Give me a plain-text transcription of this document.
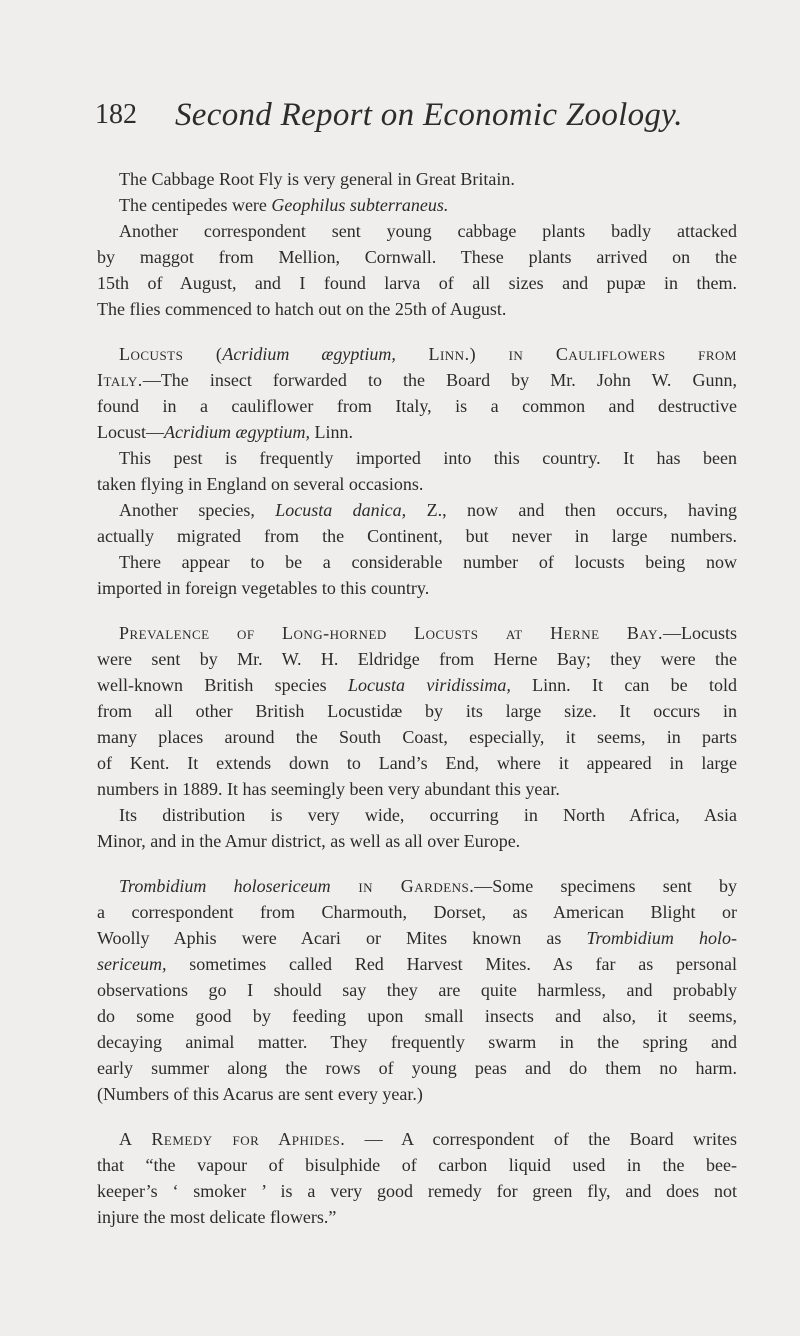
182 Second Report on Economic Zoology.
The Cabbage Root Fly is very general in Great Britain.
The centipedes were Geophilus subterraneus.
Another correspondent sent young cabbage plants badly attacked
by maggot from Mellion, Cornwall. These plants arrived on the
15th of August, and I found larva of all sizes and pupæ in them.
The flies commenced to hatch out on the 25th of August.
Locusts (Acridium ægyptium, Linn.) in Cauliflowers from
Italy.—The insect forwarded to the Board by Mr. John W. Gunn,
found in a cauliflower from Italy, is a common and destructive
Locust—Acridium ægyptium, Linn.
This pest is frequently imported into this country. It has been
taken flying in England on several occasions.
Another species, Locusta danica, Z., now and then occurs, having
actually migrated from the Continent, but never in large numbers.
There appear to be a considerable number of locusts being now
imported in foreign vegetables to this country.
Prevalence of Long-horned Locusts at Herne Bay.—Locusts
were sent by Mr. W. H. Eldridge from Herne Bay; they were the
well-known British species Locusta viridissima, Linn. It can be told
from all other British Locustidæ by its large size. It occurs in
many places around the South Coast, especially, it seems, in parts
of Kent. It extends down to Land’s End, where it appeared in large
numbers in 1889. It has seemingly been very abundant this year.
Its distribution is very wide, occurring in North Africa, Asia
Minor, and in the Amur district, as well as all over Europe.
Trombidium holosericeum in Gardens.—Some specimens sent by
a correspondent from Charmouth, Dorset, as American Blight or
Woolly Aphis were Acari or Mites known as Trombidium holo-
sericeum, sometimes called Red Harvest Mites. As far as personal
observations go I should say they are quite harmless, and probably
do some good by feeding upon small insects and also, it seems,
decaying animal matter. They frequently swarm in the spring and
early summer along the rows of young peas and do them no harm.
(Numbers of this Acarus are sent every year.)
A Remedy for Aphides. — A correspondent of the Board writes
that “the vapour of bisulphide of carbon liquid used in the bee-
keeper’s ‘ smoker ’ is a very good remedy for green fly, and does not
injure the most delicate flowers.”
